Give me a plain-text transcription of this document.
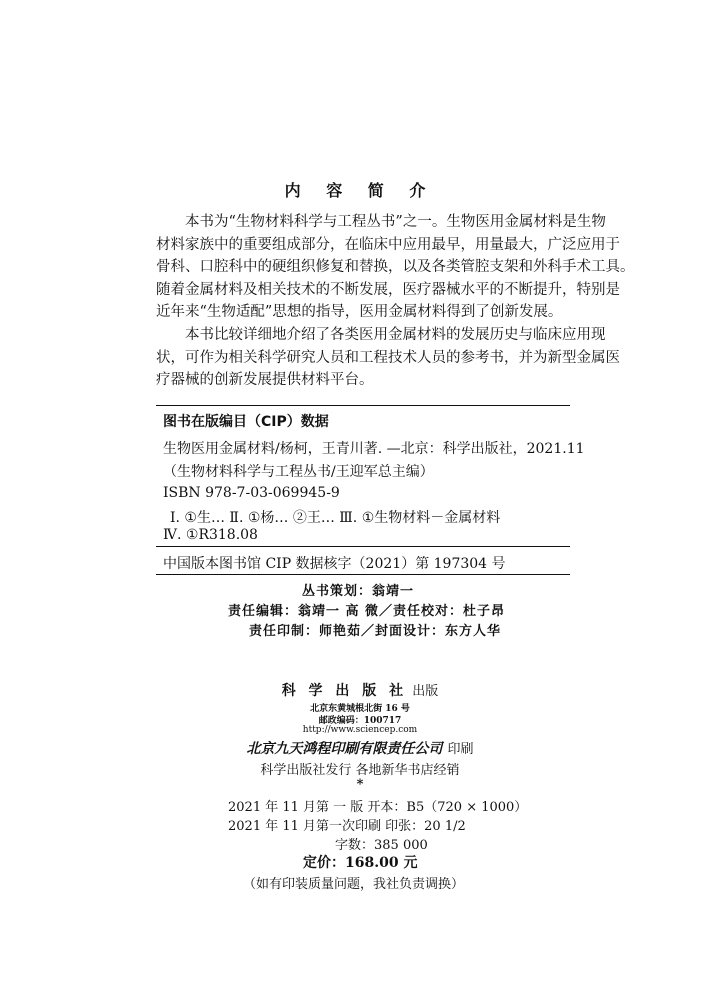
内 容 简 介
本书为“生物材料科学与工程丛书”之一。生物医用金属材料是生物
材料家族中的重要组成部分，在临床中应用最早，用量最大，广泛应用于
骨科、口腔科中的硬组织修复和替换，以及各类管腔支架和外科手术工具。
随着金属材料及相关技术的不断发展，医疗器械水平的不断提升，特别是
近年来“生物适配”思想的指导，医用金属材料得到了创新发展。
本书比较详细地介绍了各类医用金属材料的发展历史与临床应用现
状，可作为相关科学研究人员和工程技术人员的参考书，并为新型金属医
疗器械的创新发展提供材料平台。
图书在版编目（CIP）数据
生物医用金属材料/杨柯，王青川著. —北京：科学出版社，2021.11
（生物材料科学与工程丛书/王迎军总主编）
ISBN 978-7-03-069945-9
Ⅰ. ①生… Ⅱ. ①杨… ②王… Ⅲ. ①生物材料－金属材料
Ⅳ. ①R318.08
中国版本图书馆 CIP 数据核字（2021）第 197304 号
丛书策划：翁靖一
责任编辑：翁靖一 高 微／责任校对：杜子昂
责任印制：师艳茹／封面设计：东方人华
科 学 出 版 社 出版
北京东黄城根北街 16 号
邮政编码：100717
http://www.sciencep.com
北京九天鸿程印刷有限责任公司 印刷
科学出版社发行 各地新华书店经销
*
2021 年 11 月第 一 版 开本：B5（720 × 1000）
2021 年 11 月第一次印刷 印张：20 1/2
字数：385 000
定价：168.00 元
（如有印装质量问题，我社负责调换）
